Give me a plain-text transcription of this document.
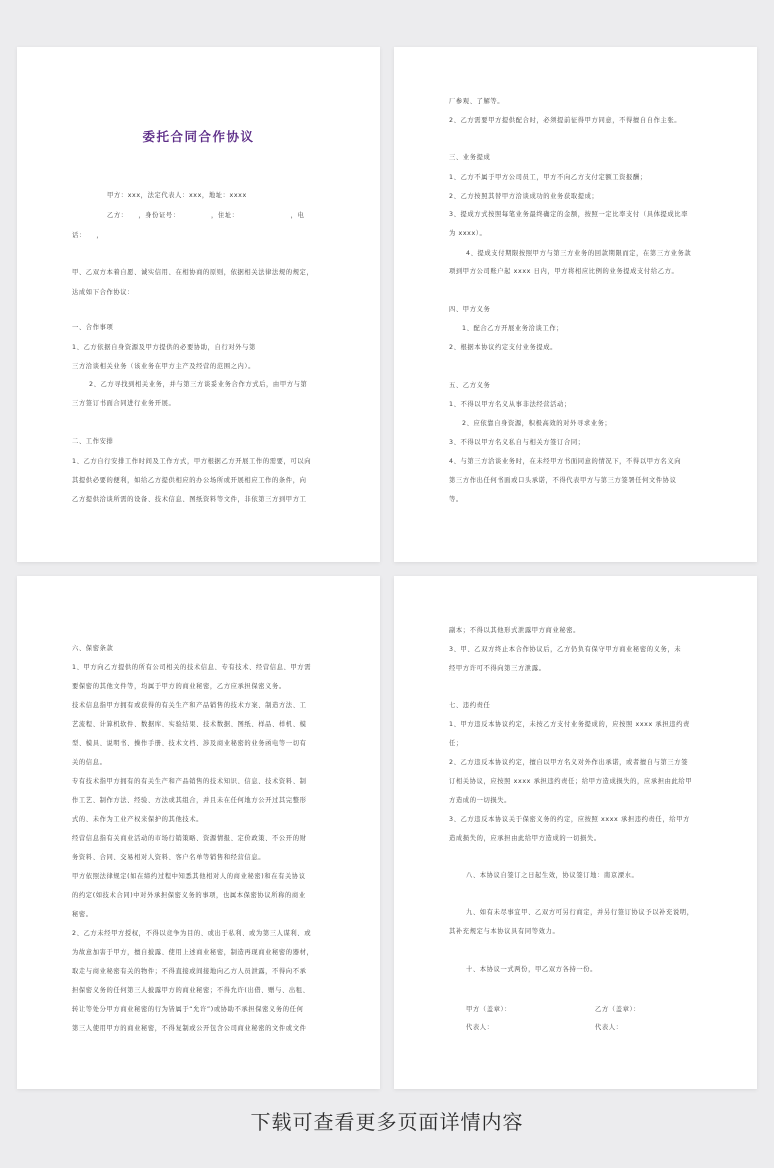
委托合同合作协议
甲方：xxx，法定代表人：xxx，地址：xxxx
乙方：　　，身份证号：　　　　　，住址：　　　　　　　　，电
话：　　，
甲、乙双方本着自愿、诚实信用、在相协商的原则，依据相关法律法规的规定，
达成如下合作协议：
一、合作事项
1、乙方依据自身资源及甲方提供的必要协助，自行对外与第
三方洽谈相关业务（该业务在甲方主产及经营的范围之内）。
2、乙方寻找到相关业务，并与第三方谈妥业务合作方式后，由甲方与第
三方签订书面合同进行业务开展。
二、工作安排
1、乙方自行安排工作时间及工作方式，甲方根据乙方开展工作的需要，可以向
其提供必要的便利，如给乙方提供相应的办公场所或开展相应工作的条件，向
乙方提供洽谈所需的设备、技术信息、图纸资料等文件，非依第三方到甲方工
厂参观、了解等。
2、乙方需要甲方提供配合时，必须提前征得甲方同意，不得擅自自作主张。
三、业务提成
1、乙方不属于甲方公司员工，甲方不向乙方支付定额工资报酬；
2、乙方按照其替甲方洽谈成功的业务获取提成；
3、提成方式按照每笔业务最终确定的金额，按照一定比率支付（具体提成比率
为 xxxx）。
4、提成支付期限按照甲方与第三方业务的回款期限而定，在第三方业务款
项到甲方公司账户起 xxxx 日内，甲方将相应比例的业务提成支付给乙方。
四、甲方义务
1、配合乙方开展业务洽谈工作；
2、根据本协议约定支付业务提成。
五、乙方义务
1、不得以甲方名义从事非法经营活动；
2、应依靠自身资源，积极高效的对外寻求业务；
3、不得以甲方名义私自与相关方签订合同；
4、与第三方洽谈业务时，在未经甲方书面同意的情况下，不得以甲方名义向
第三方作出任何书面或口头承诺，不得代表甲方与第三方签署任何文件协议
等。
六、保密条款
1、甲方向乙方提供的所有公司相关的技术信息、专有技术、经营信息、甲方需
要保密的其他文件等，均属于甲方的商业秘密，乙方应承担保密义务。
技术信息指甲方拥有或获得的有关生产和产品销售的技术方案、制造方法、工
艺流程、计算机软件、数据库、实验结果、技术数据、图纸、样品、样机、模
型、模具、说明书、操作手册、技术文档、涉及商业秘密的业务函电等一切有
关的信息。
专有技术指甲方拥有的有关生产和产品销售的技术知识、信息、技术资料、制
作工艺、制作方法、经验、方法或其组合，并且未在任何地方公开过其完整形
式的、未作为工业产权来保护的其他技术。
经营信息指有关商业活动的市场行销策略、资源情报、定价政策、不公开的财
务资料、合同、交易相对人资料、客户名单等销售和经营信息。
甲方依照法律规定(如在缔约过程中知悉其他相对人的商业秘密)和在有关协议
的约定(如技术合同)中对外承担保密义务的事项，也属本保密协议所称的商业
秘密。
2、乙方未经甲方授权，不得以竞争为目的、或出于私利、或为第三人谋利、或
为故意加害于甲方，擅自披露、使用上述商业秘密，制造再现商业秘密的器材，
取走与商业秘密有关的物件；不得直接或间接地向乙方人员泄露，不得向不承
担保密义务的任何第三人披露甲方的商业秘密；不得允许(出借、赠与、出租、
转让等处分甲方商业秘密的行为皆属于“允许”)或协助不承担保密义务的任何
第三人使用甲方的商业秘密，不得复制或公开包含公司商业秘密的文件或文件
副本；不得以其他形式泄露甲方商业秘密。
3、甲、乙双方终止本合作协议后，乙方仍负有保守甲方商业秘密的义务，未
经甲方许可不得向第三方泄露。
七、违约责任
1、甲方违反本协议约定，未按乙方支付业务提成的，应按照 xxxx 承担违约责
任；
2、乙方违反本协议约定，擅自以甲方名义对外作出承诺，或者擅自与第三方签
订相关协议，应按照 xxxx 承担违约责任；给甲方造成损失的，应承担由此给甲
方造成的一切损失。
3、乙方违反本协议关于保密义务的约定，应按照 xxxx 承担违约责任，给甲方
造成损失的，应承担由此给甲方造成的一切损失。
八、本协议自签订之日起生效，协议签订地：南京溧水。
九、如有未尽事宜甲、乙双方可另行商定，并另行签订协议予以补充说明，
其补充规定与本协议具有同等效力。
十、本协议一式两份，甲乙双方各持一份。
甲方（盖章）：	乙方（盖章）：
代表人：	代表人：
下载可查看更多页面详情内容
